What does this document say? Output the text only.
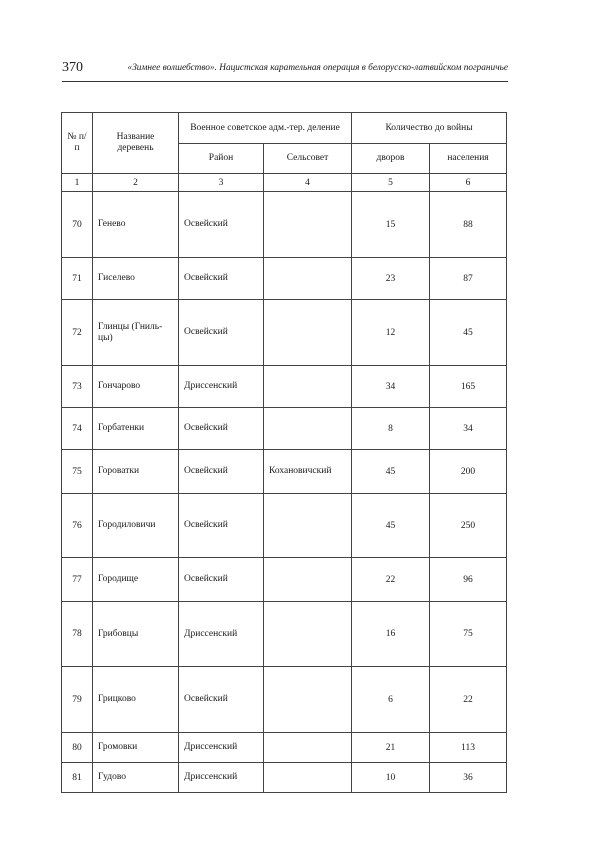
370	«Зимнее волшебство». Нацистская карательная операция в белорусско-латвийском пограничье
№ п/п	Название деревень	Военное советское адм.-тер. деление		Количество до войны	
		Район	Сельсовет	дворов	населения
1	2	3	4	5	6
70	Геневo	Освейский		15	88
71	Гиселево	Освейский		23	87
72	Глинцы (Гниль-цы)	Освейский		12	45
73	Гончарово	Дриссенский		34	165
74	Горбатенки	Освейский		8	34
75	Горoватки	Освейский	Кохановичский	45	200
76	Городиловичи	Освейский		45	250
77	Городище	Освейский		22	96
78	Грибовцы	Дриссенский		16	75
79	Грицково	Освейский		6	22
80	Громовки	Дриссенский		21	113
81	Гудово	Дриссенский		10	36
